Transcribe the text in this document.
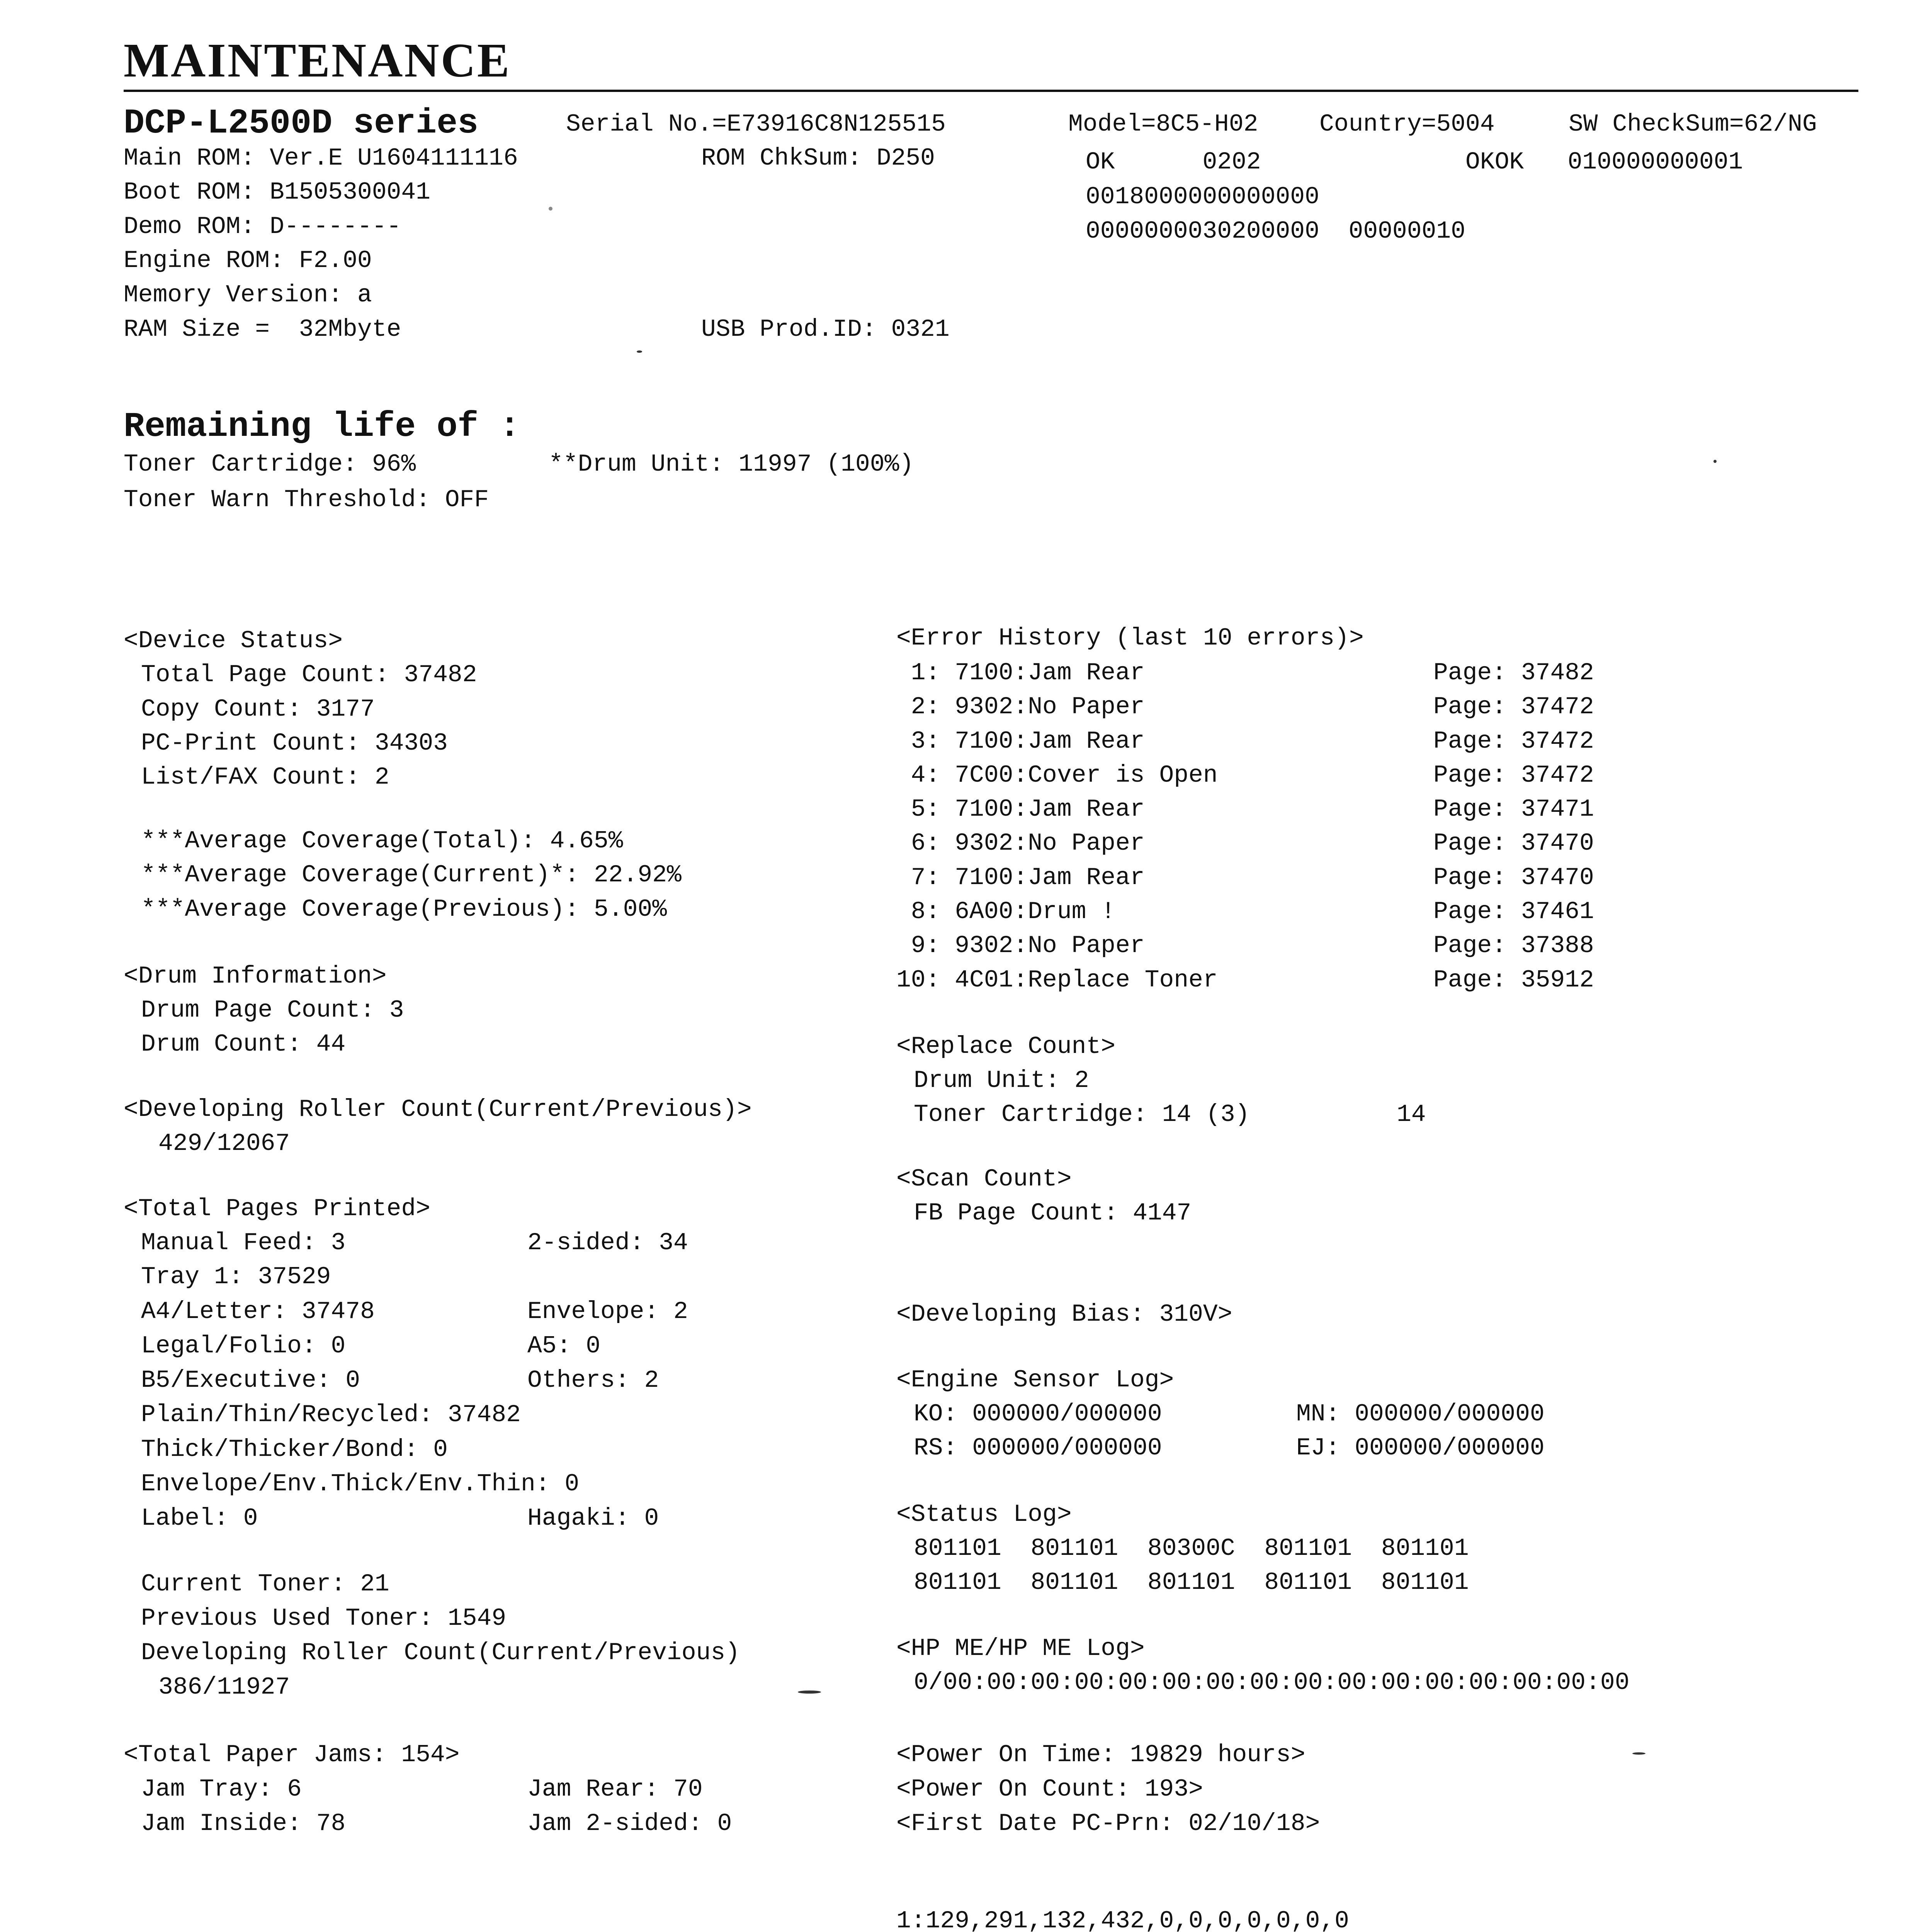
MAINTENANCE
DCP-L2500D series	Serial No.=E73916C8N125515	Model=8C5-H02	Country=5004	SW CheckSum=62/NG
Main ROM: Ver.E U1604111116	ROM ChkSum: D250	OK      0202              OKOK   010000000001
Boot ROM: B1505300041	0018000000000000
Demo ROM: D--------	0000000030200000  00000010
Engine ROM: F2.00
Memory Version: a
RAM Size =  32Mbyte	USB Prod.ID: 0321
Remaining life of :
Toner Cartridge: 96%	**Drum Unit: 11997 (100%)
Toner Warn Threshold: OFF
<Device Status>
Total Page Count: 37482
Copy Count: 3177
PC-Print Count: 34303
List/FAX Count: 2
***Average Coverage(Total): 4.65%
***Average Coverage(Current)*: 22.92%
***Average Coverage(Previous): 5.00%
<Drum Information>
Drum Page Count: 3
Drum Count: 44
<Developing Roller Count(Current/Previous)>
429/12067
<Total Pages Printed>
Manual Feed: 3	2-sided: 34
Tray 1: 37529
A4/Letter: 37478	Envelope: 2
Legal/Folio: 0	A5: 0
B5/Executive: 0	Others: 2
Plain/Thin/Recycled: 37482
Thick/Thicker/Bond: 0
Envelope/Env.Thick/Env.Thin: 0
Label: 0	Hagaki: 0
Current Toner: 21
Previous Used Toner: 1549
Developing Roller Count(Current/Previous)
386/11927
<Total Paper Jams: 154>
Jam Tray: 6	Jam Rear: 70
Jam Inside: 78	Jam 2-sided: 0
<Error History (last 10 errors)>
1: 7100:Jam Rear	Page: 37482
2: 9302:No Paper	Page: 37472
3: 7100:Jam Rear	Page: 37472
4: 7C00:Cover is Open	Page: 37472
5: 7100:Jam Rear	Page: 37471
6: 9302:No Paper	Page: 37470
7: 7100:Jam Rear	Page: 37470
8: 6A00:Drum !	Page: 37461
9: 9302:No Paper	Page: 37388
10: 4C01:Replace Toner	Page: 35912
<Replace Count>
Drum Unit: 2
Toner Cartridge: 14 (3)	14
<Scan Count>
FB Page Count: 4147
<Developing Bias: 310V>
<Engine Sensor Log>
KO: 000000/000000	MN: 000000/000000
RS: 000000/000000	EJ: 000000/000000
<Status Log>
801101  801101  80300C  801101  801101
801101  801101  801101  801101  801101
<HP ME/HP ME Log>
0/00:00:00:00:00:00:00:00:00:00:00:00:00:00:00:00
<Power On Time: 19829 hours>
<Power On Count: 193>
<First Date PC-Prn: 02/10/18>
1:129,291,132,432,0,0,0,0,0,0,0
